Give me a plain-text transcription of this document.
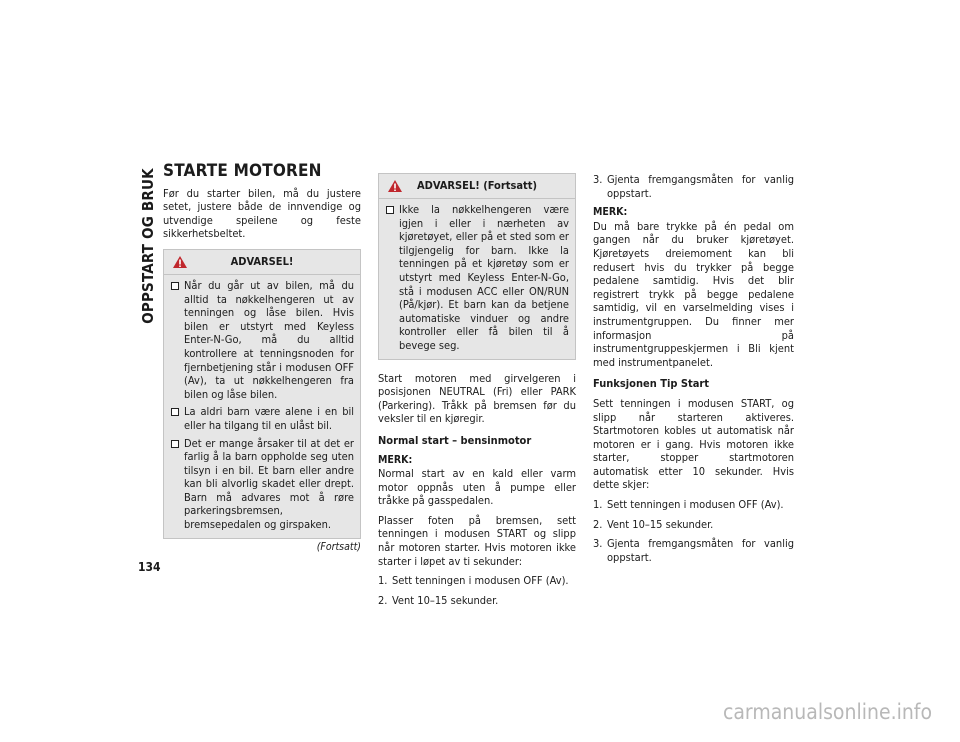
OPPSTART OG BRUK
134
STARTE MOTOREN

Før du starter bilen, må du justere setet, justere både de innvendige og utvendige speilene og feste sikkerhetsbeltet.

ADVARSEL!
Når du går ut av bilen, må du alltid ta nøkkelhengeren ut av tenningen og låse bilen. Hvis bilen er utstyrt med Keyless Enter-N-Go, må du alltid kontrollere at tenningsnoden for fjernbetjening står i modusen OFF (Av), ta ut nøkkelhengeren fra bilen og låse bilen.
La aldri barn være alene i en bil eller ha tilgang til en ulåst bil.
Det er mange årsaker til at det er farlig å la barn oppholde seg uten tilsyn i en bil. Et barn eller andre kan bli alvorlig skadet eller drept. Barn må advares mot å røre parkeringsbremsen, bremsepedalen og girspaken.
(Fortsatt)
ADVARSEL! (Fortsatt)
Ikke la nøkkelhengeren være igjen i eller i nærheten av kjøretøyet, eller på et sted som er tilgjengelig for barn. Ikke la tenningen på et kjøretøy som er utstyrt med Keyless Enter-N-Go, stå i modusen ACC eller ON/RUN (På/kjør). Et barn kan da betjene automatiske vinduer og andre kontroller eller få bilen til å bevege seg.

Start motoren med girvelgeren i posisjonen NEUTRAL (Fri) eller PARK (Parkering). Tråkk på bremsen før du veksler til en kjøregir.

Normal start – bensinmotor
MERK:

Normal start av en kald eller varm motor oppnås uten å pumpe eller tråkke på gasspedalen.

Plasser foten på bremsen, sett tenningen i modusen START og slipp når motoren starter. Hvis motoren ikke starter i løpet av ti sekunder:

1. Sett tenningen i modusen OFF (Av).
2. Vent 10–15 sekunder.
3. Gjenta fremgangsmåten for vanlig oppstart.
MERK:

Du må bare trykke på én pedal om gangen når du bruker kjøretøyet. Kjøretøyets dreiemoment kan bli redusert hvis du trykker på begge pedalene samtidig. Hvis det blir registrert trykk på begge pedalene samtidig, vil en varselmelding vises i instrumentgruppen. Du finner mer informasjon på instrumentgruppeskjermen i Bli kjent med instrumentpanelet.

Funksjonen Tip Start

Sett tenningen i modusen START, og slipp når starteren aktiveres. Startmotoren kobles ut automatisk når motoren er i gang. Hvis motoren ikke starter, stopper startmotoren automatisk etter 10 sekunder. Hvis dette skjer:

1. Sett tenningen i modusen OFF (Av).
2. Vent 10–15 sekunder.
3. Gjenta fremgangsmåten for vanlig oppstart.
carmanualsonline.info
